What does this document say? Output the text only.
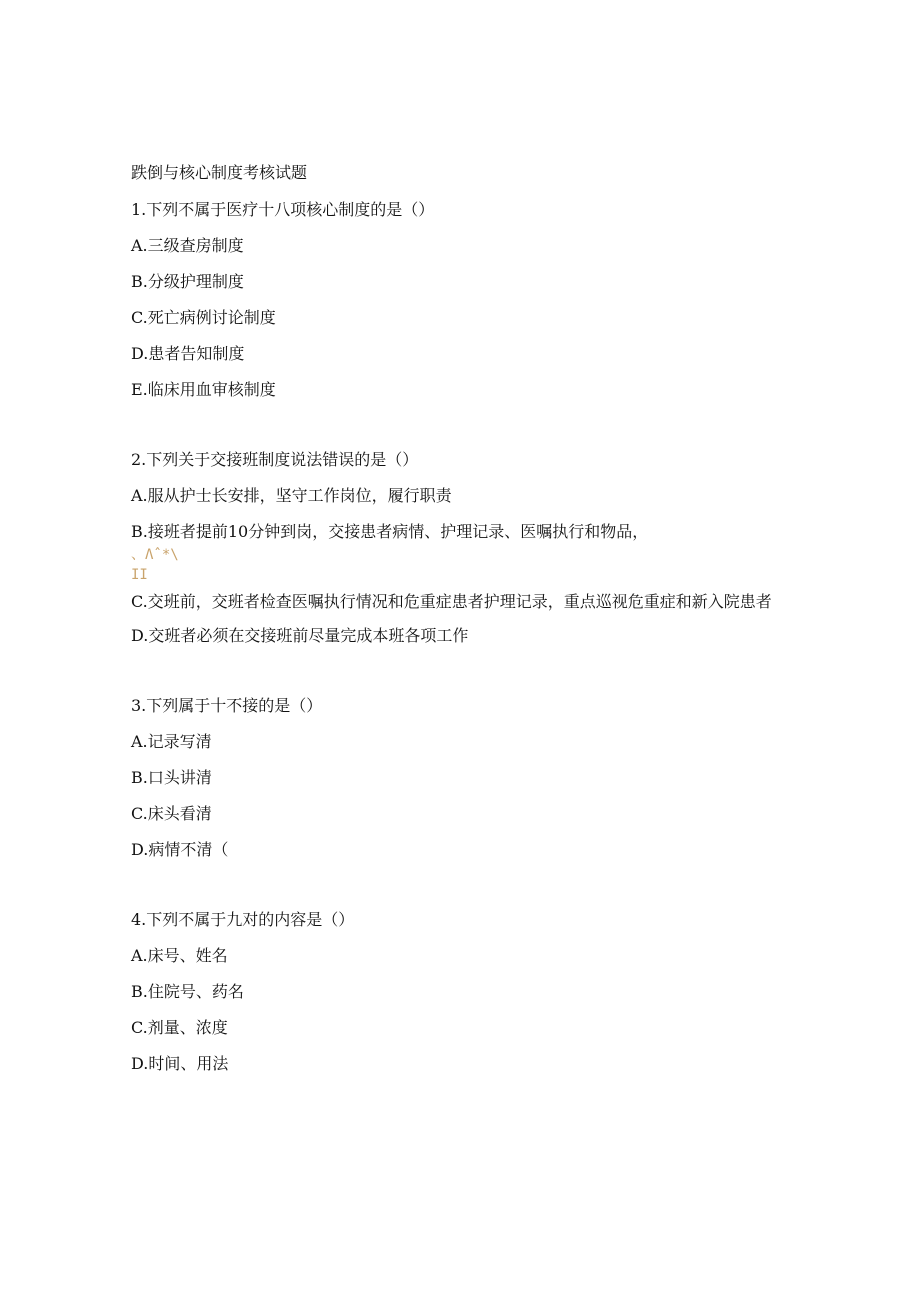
跌倒与核心制度考核试题
1.下列不属于医疗十八项核心制度的是（）
A.三级查房制度
B.分级护理制度
C.死亡病例讨论制度
D.患者告知制度
E.临床用血审核制度
2.下列关于交接班制度说法错误的是（）
A.服从护士长安排，坚守工作岗位，履行职责
B.接班者提前10分钟到岗，交接患者病情、护理记录、医嘱执行和物品，
、Λˆ*\
II
C.交班前，交班者检查医嘱执行情况和危重症患者护理记录，重点巡视危重症和新入院患者
D.交班者必须在交接班前尽量完成本班各项工作
3.下列属于十不接的是（）
A.记录写清
B.口头讲清
C.床头看清
D.病情不清（
4.下列不属于九对的内容是（）
A.床号、姓名
B.住院号、药名
C.剂量、浓度
D.时间、用法
